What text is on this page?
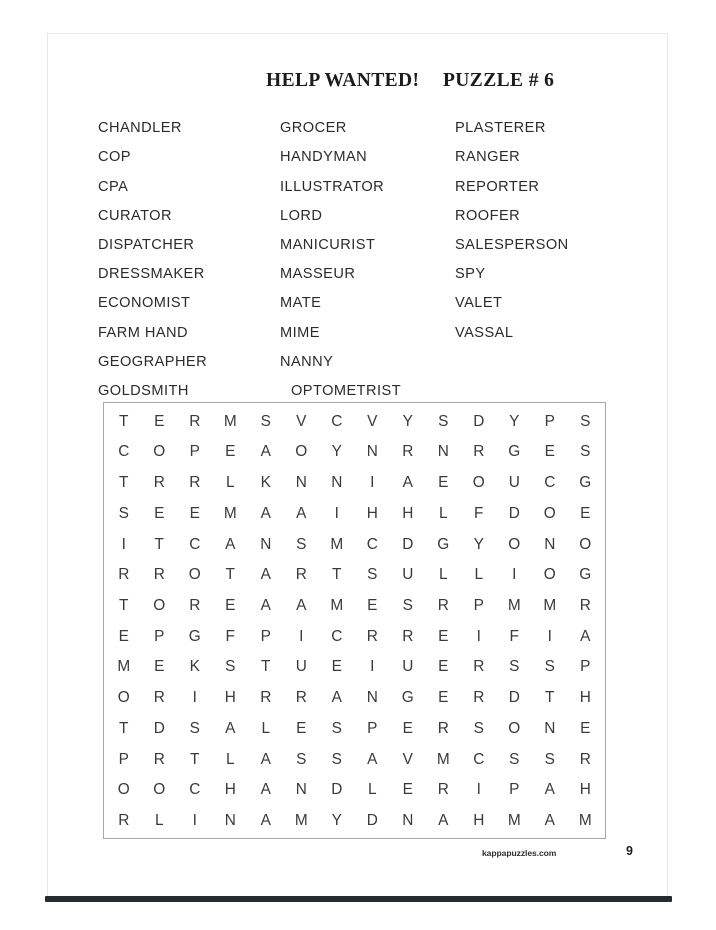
HELP WANTED! PUZZLE # 6
CHANDLER
COP
CPA
CURATOR
DISPATCHER
DRESSMAKER
ECONOMIST
FARM HAND
GEOGRAPHER
GOLDSMITH
GROCER
HANDYMAN
ILLUSTRATOR
LORD
MANICURIST
MASSEUR
MATE
MIME
NANNY
OPTOMETRIST
PLASTERER
RANGER
REPORTER
ROOFER
SALESPERSON
SPY
VALET
VASSAL
T	E	R	M	S	V	C	V	Y	S	D	Y	P	S
C	O	P	E	A	O	Y	N	R	N	R	G	E	S
T	R	R	L	K	N	N	I	A	E	O	U	C	G
S	E	E	M	A	A	I	H	H	L	F	D	O	E
I	T	C	A	N	S	M	C	D	G	Y	O	N	O
R	R	O	T	A	R	T	S	U	L	L	I	O	G
T	O	R	E	A	A	M	E	S	R	P	M	M	R
E	P	G	F	P	I	C	R	R	E	I	F	I	A
M	E	K	S	T	U	E	I	U	E	R	S	S	P
O	R	I	H	R	R	A	N	G	E	R	D	T	H
T	D	S	A	L	E	S	P	E	R	S	O	N	E
P	R	T	L	A	S	S	A	V	M	C	S	S	R
O	O	C	H	A	N	D	L	E	R	I	P	A	H
R	L	I	N	A	M	Y	D	N	A	H	M	A	M
kappapuzzles.com	9
